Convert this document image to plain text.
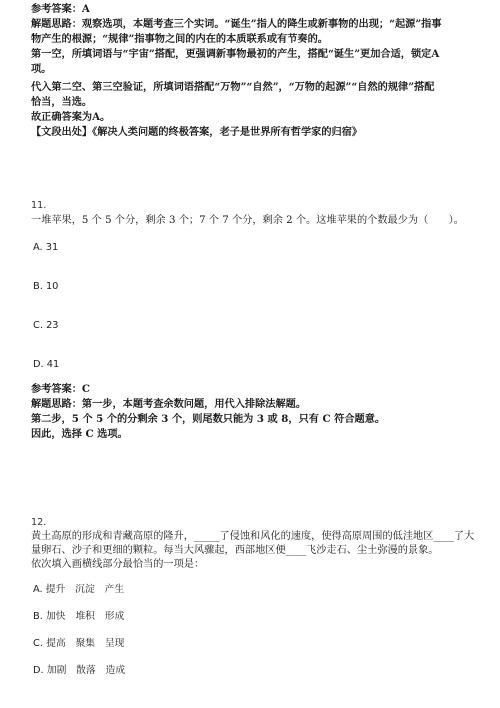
参考答案：A
解题思路：观察选项，本题考查三个实词。“诞生”指人的降生或新事物的出现；“起源”指事
物产生的根源；“规律”指事物之间的内在的本质联系或有节奏的。
第一空，所填词语与“宇宙”搭配，更强调新事物最初的产生，搭配“诞生”更加合适，锁定A
项。
代入第二空、第三空验证，所填词语搭配“万物”“自然”，“万物的起源”“自然的规律”搭配
恰当，当选。
故正确答案为A。
【文段出处】《解决人类问题的终极答案，老子是世界所有哲学家的归宿》
11.
一堆苹果，5 个 5 个分，剩余 3 个；7 个 7 个分，剩余 2 个。这堆苹果的个数最少为（　　）。
A. 31
B. 10
C. 23
D. 41
参考答案：C
解题思路：第一步，本题考查余数问题，用代入排除法解题。
第二步，5 个 5 个的分剩余 3 个，则尾数只能为 3 或 8，只有 C 符合题意。
因此，选择 C 选项。
12.
黄土高原的形成和青藏高原的隆升，_____了侵蚀和风化的速度，使得高原周围的低洼地区____了大
量卵石、沙子和更细的颗粒。每当大风骤起，西部地区便____飞沙走石、尘土弥漫的景象。
依次填入画横线部分最恰当的一项是：
A. 提升　沉淀　产生
B. 加快　堆积　形成
C. 提高　聚集　呈现
D. 加剧　散落　造成
